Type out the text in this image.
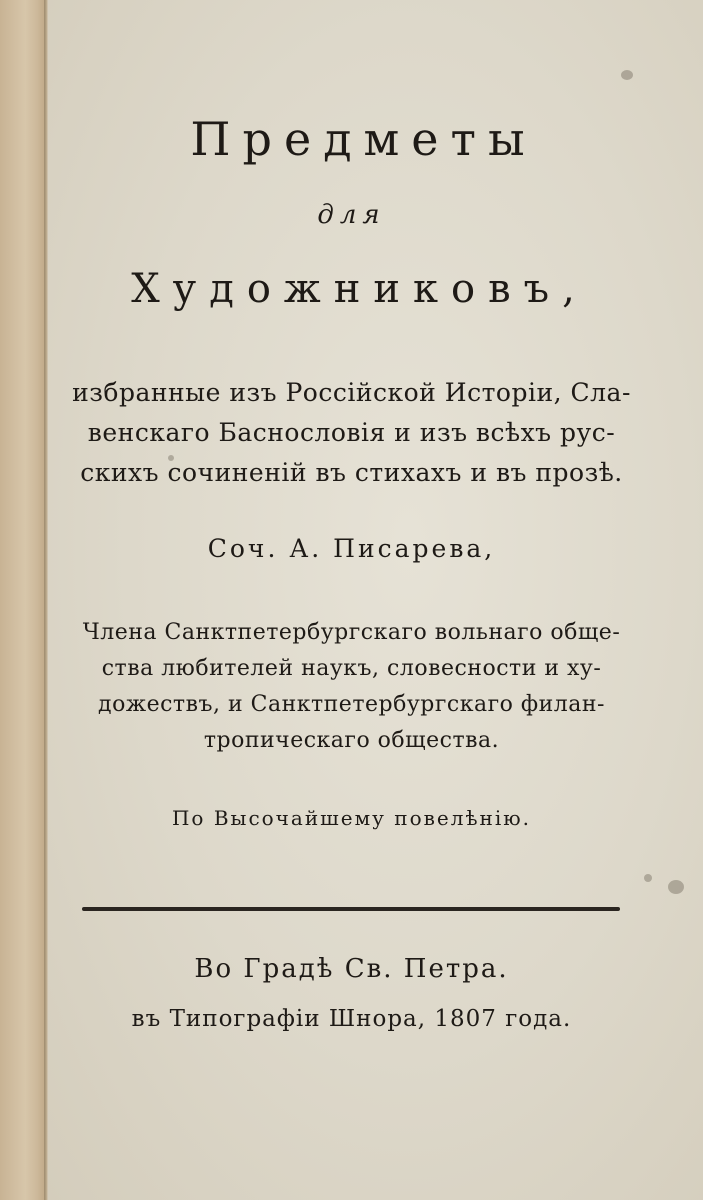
Предметы
для
Художниковъ,
избранные изъ Россiйской Исторiи, Сла-
венскаго Баснословiя и изъ всѣхъ рус-
скихъ сочиненiй въ стихахъ и въ прозѣ.
Соч. А. Писарева,
Члена Санктпетербургскаго вольнаго обще-
ства любителей наукъ, словесности и ху-
дожествъ, и Санктпетербургскаго филан-
тропическаго общества.
По Высочайшему повелѣнiю.
Во Градѣ Св. Петра.
въ Типографiи Шнора, 1807 года.
